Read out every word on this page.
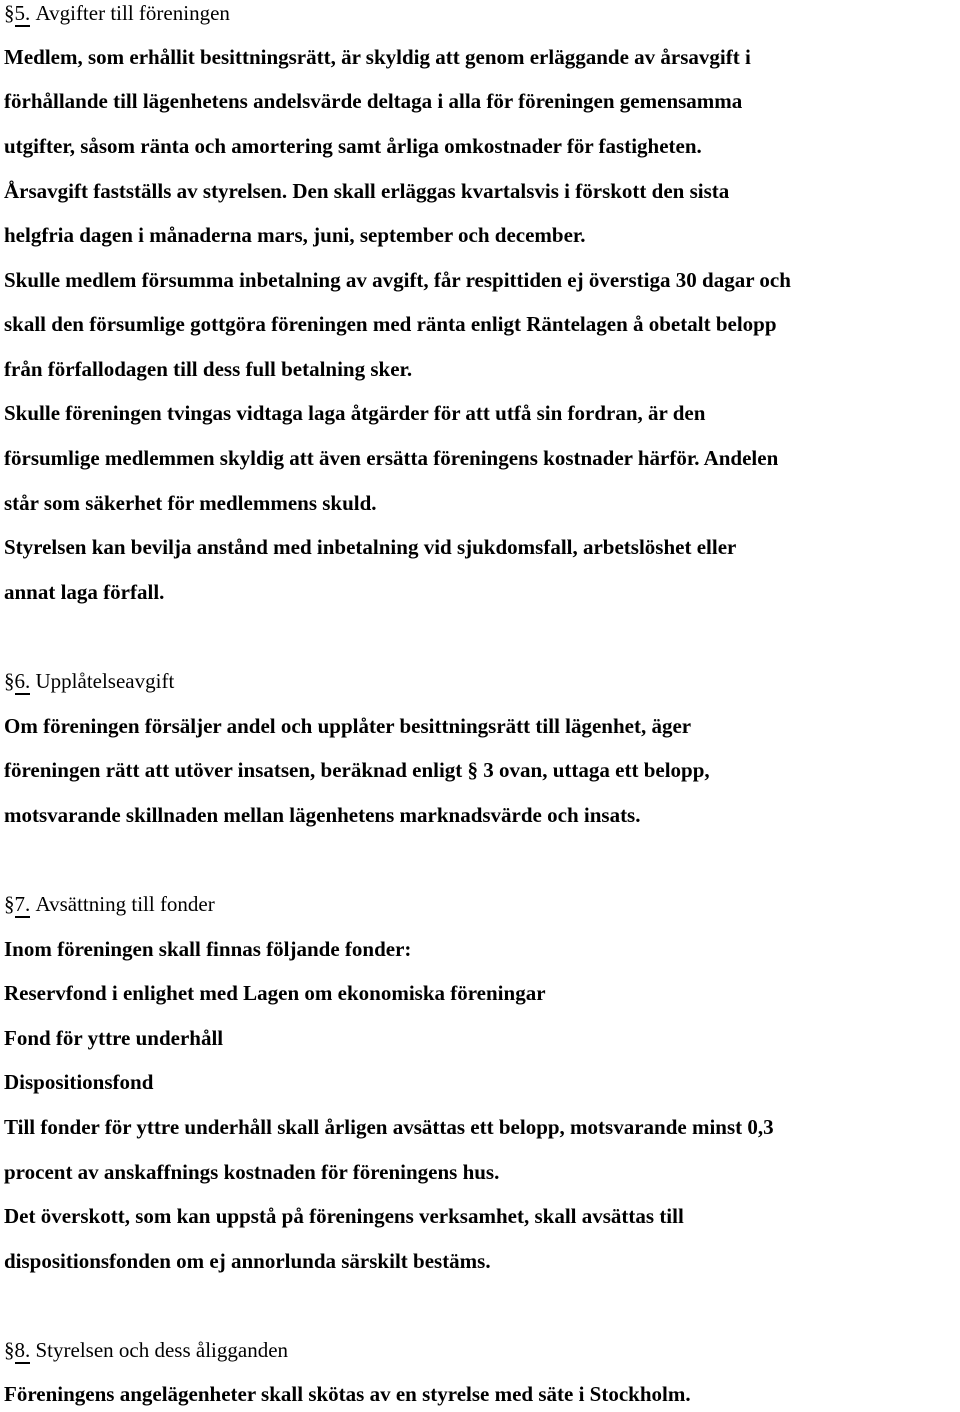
§5. Avgifter till föreningen
Medlem, som erhållit besittningsrätt, är skyldig att genom erläggande av årsavgift i
förhållande till lägenhetens andelsvärde deltaga i alla för föreningen gemensamma
utgifter, såsom ränta och amortering samt årliga omkostnader för fastigheten.
Årsavgift fastställs av styrelsen. Den skall erläggas kvartalsvis i förskott den sista
helgfria dagen i månaderna mars, juni, september och december.
Skulle medlem försumma inbetalning av avgift, får respittiden ej överstiga 30 dagar och
skall den försumlige gottgöra föreningen med ränta enligt Räntelagen å obetalt belopp
från förfallodagen till dess full betalning sker.
Skulle föreningen tvingas vidtaga laga åtgärder för att utfå sin fordran, är den
försumlige medlemmen skyldig att även ersätta föreningens kostnader härför. Andelen
står som säkerhet för medlemmens skuld.
Styrelsen kan bevilja anstånd med inbetalning vid sjukdomsfall, arbetslöshet eller
annat laga förfall.
§6. Upplåtelseavgift
Om föreningen försäljer andel och upplåter besittningsrätt till lägenhet, äger
föreningen rätt att utöver insatsen, beräknad enligt § 3 ovan, uttaga ett belopp,
motsvarande skillnaden mellan lägenhetens marknadsvärde och insats.
§7. Avsättning till fonder
Inom föreningen skall finnas följande fonder:
Reservfond i enlighet med Lagen om ekonomiska föreningar
Fond för yttre underhåll
Dispositionsfond
Till fonder för yttre underhåll skall årligen avsättas ett belopp, motsvarande minst 0,3
procent av anskaffnings kostnaden för föreningens hus.
Det överskott, som kan uppstå på föreningens verksamhet, skall avsättas till
dispositionsfonden om ej annorlunda särskilt bestäms.
§8. Styrelsen och dess åligganden
Föreningens angelägenheter skall skötas av en styrelse med säte i Stockholm.
